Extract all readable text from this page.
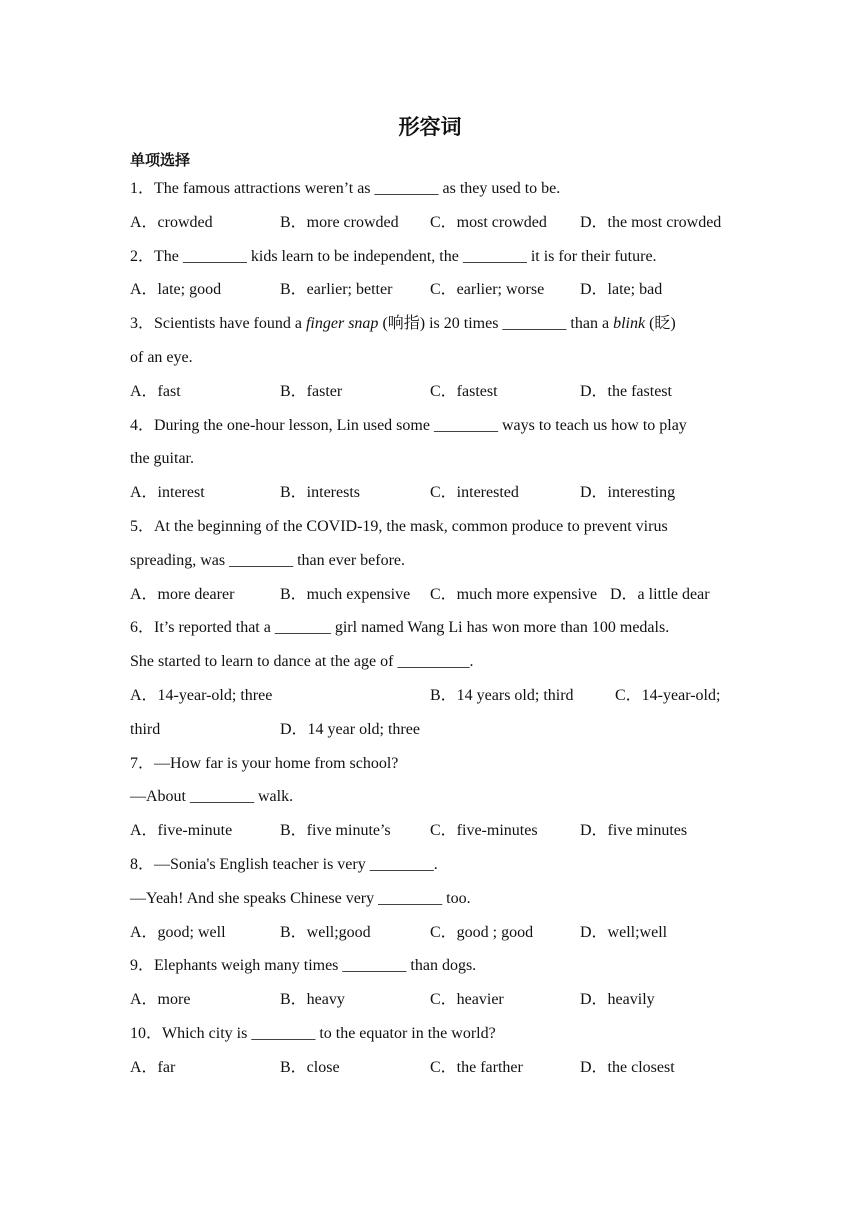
形容词
单项选择
1．The famous attractions weren’t as ________ as they used to be.
A．crowded	B．more crowded C．most crowded D．the most crowded
2．The ________ kids learn to be independent, the ________ it is for their future.
A．late; good	B．earlier; better C．earlier; worse D．late; bad
3．Scientists have found a finger snap (响指) is 20 times ________ than a blink (眨)
of an eye.
A．fast	B．faster	C．fastest	D．the fastest
4．During the one-hour lesson, Lin used some ________ ways to teach us how to play
the guitar.
A．interest	B．interests	C．interested	D．interesting
5．At the beginning of the COVID-19, the mask, common produce to prevent virus
spreading, was ________ than ever before.
A．more dearer	B．much expensive C．much more expensive D．a little dear
6．It’s reported that a _______ girl named Wang Li has won more than 100 medals.
She started to learn to dance at the age of _________.
A．14-year-old; three	B．14 years old; third	C．14-year-old;
third	D．14 year old; three
7．—How far is your home from school?
—About ________ walk.
A．five-minute	B．five minute’s C．five-minutes	D．five minutes
8．—Sonia's English teacher is very ________.
—Yeah! And she speaks Chinese very ________ too.
A．good; well	B．well;good	C．good ; good	D．well;well
9．Elephants weigh many times ________ than dogs.
A．more	B．heavy	C．heavier	D．heavily
10．Which city is ________ to the equator in the world?
A．far	B．close	C．the farther	D．the closest
